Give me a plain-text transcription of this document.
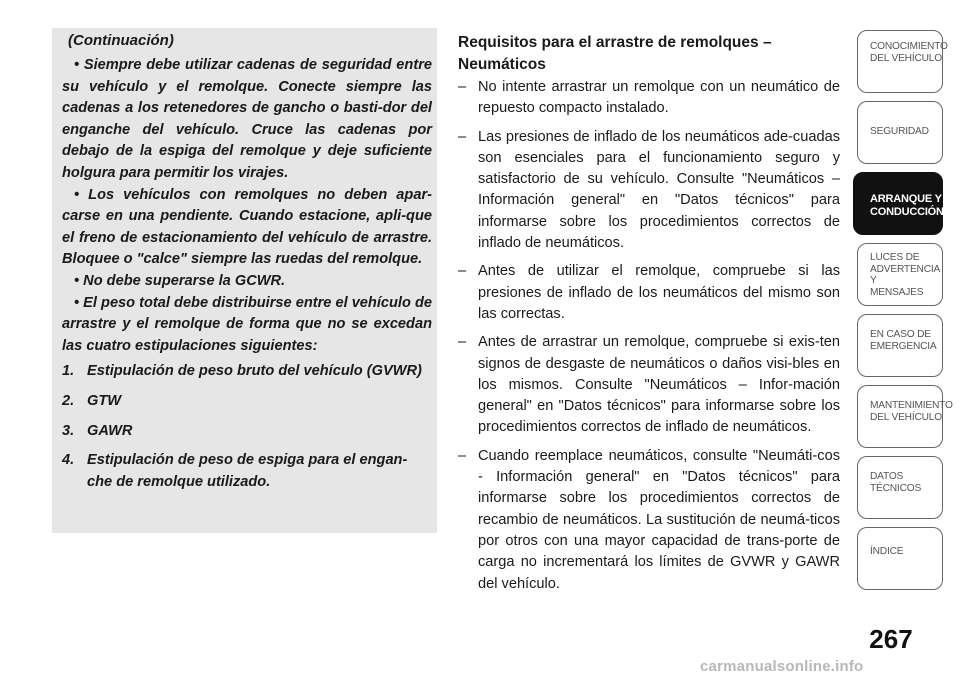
(Continuación)

• Siempre debe utilizar cadenas de seguridad entre su vehículo y el remolque. Conecte siempre las cadenas a los retenedores de gancho o basti-dor del enganche del vehículo. Cruce las cadenas por debajo de la espiga del remolque y deje suficiente holgura para permitir los virajes.

• Los vehículos con remolques no deben apar-carse en una pendiente. Cuando estacione, apli-que el freno de estacionamiento del vehículo de arrastre. Bloquee o "calce" siempre las ruedas del remolque.

• No debe superarse la GCWR.

• El peso total debe distribuirse entre el vehículo de arrastre y el remolque de forma que no se excedan las cuatro estipulaciones siguientes:

1. Estipulación de peso bruto del vehículo (GVWR)

2. GTW

3. GAWR

4. Estipulación de peso de espiga para el engan-che de remolque utilizado.

Requisitos para el arrastre de remolques – Neumáticos
– No intente arrastrar un remolque con un neumático de repuesto compacto instalado.
– Las presiones de inflado de los neumáticos ade-cuadas son esenciales para el funcionamiento seguro y satisfactorio de su vehículo. Consulte "Neumáticos – Información general" en "Datos técnicos" para informarse sobre los procedimientos correctos de inflado de neumáticos.
– Antes de utilizar el remolque, compruebe si las presiones de inflado de los neumáticos del mismo son las correctas.
– Antes de arrastrar un remolque, compruebe si exis-ten signos de desgaste de neumáticos o daños visi-bles en los mismos. Consulte "Neumáticos – Infor-mación general" en "Datos técnicos" para informarse sobre los procedimientos correctos de inflado de neumáticos.
– Cuando reemplace neumáticos, consulte "Neumáti-cos - Información general" en "Datos técnicos" para informarse sobre los procedimientos correctos de recambio de neumáticos. La sustitución de neumá-ticos por otros con una mayor capacidad de trans-porte de carga no incrementará los límites de GVWR y GAWR del vehículo.
CONOCIMIENTO
DEL VEHÍCULO
SEGURIDAD
ARRANQUE Y
CONDUCCIÓN
LUCES DE
ADVERTENCIA Y
MENSAJES
EN CASO DE
EMERGENCIA
MANTENIMIENTO
DEL VEHÍCULO
DATOS
TÉCNICOS
ÍNDICE
267
carmanualsonline.info
